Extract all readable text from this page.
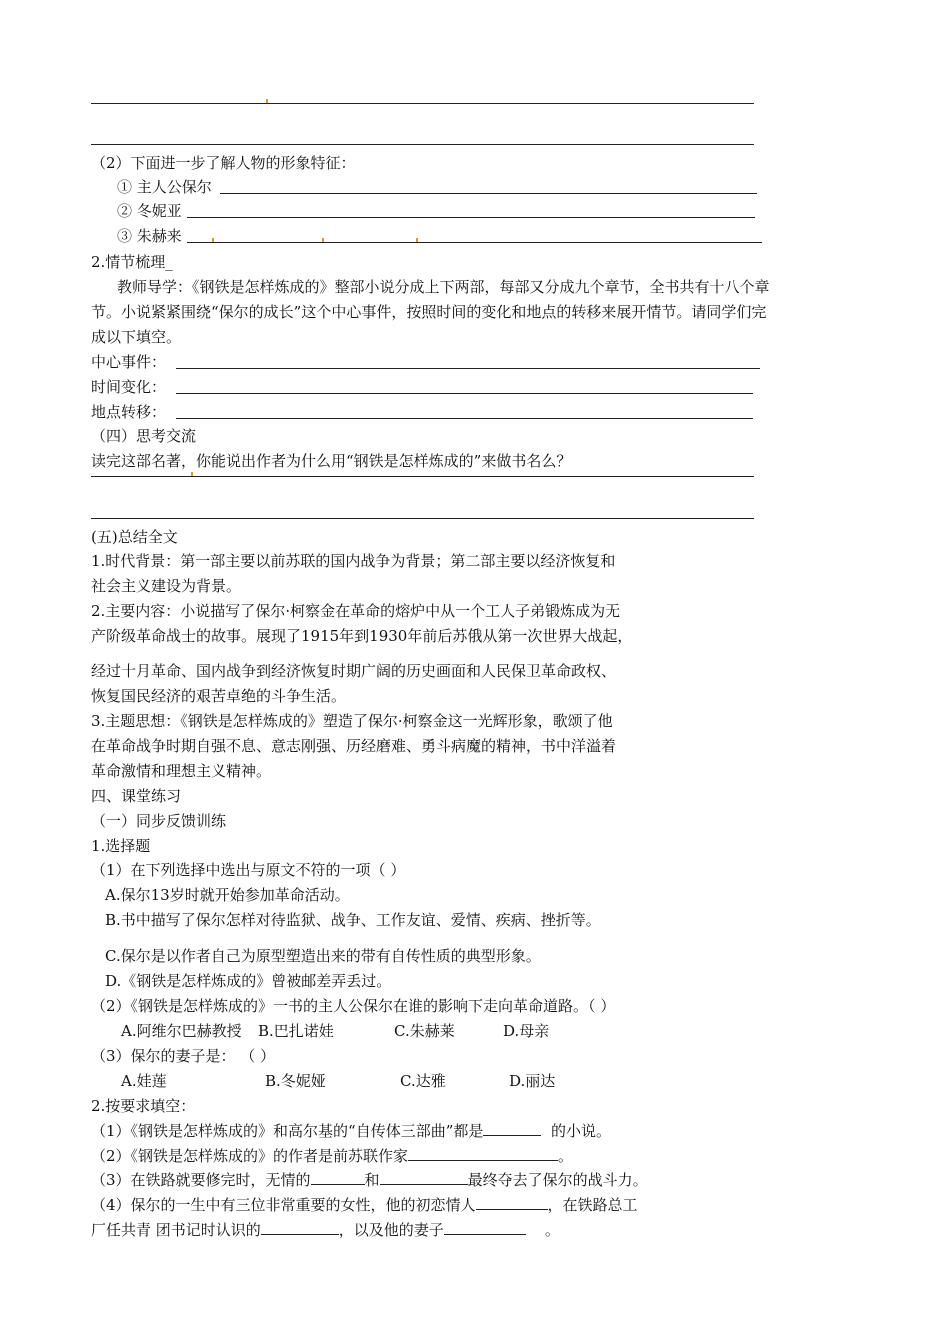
（2）下面进一步了解人物的形象特征：
① 主人公保尔
② 冬妮亚
③ 朱赫来
2.情节梳理_
教师导学：《钢铁是怎样炼成的》整部小说分成上下两部，每部又分成九个章节，全书共有十八个章
节。小说紧紧围绕“保尔的成长”这个中心事件，按照时间的变化和地点的转移来展开情节。请同学们完
成以下填空。
中心事件：
时间变化：
地点转移：
（四）思考交流
读完这部名著，你能说出作者为什么用“钢铁是怎样炼成的”来做书名么？
(五)总结全文
1.时代背景：第一部主要以前苏联的国内战争为背景；第二部主要以经济恢复和
社会主义建设为背景。
2.主要内容：小说描写了保尔·柯察金在革命的熔炉中从一个工人子弟锻炼成为无
产阶级革命战士的故事。展现了1915年到1930年前后苏俄从第一次世界大战起，
经过十月革命、国内战争到经济恢复时期广阔的历史画面和人民保卫革命政权、
恢复国民经济的艰苦卓绝的斗争生活。
3.主题思想：《钢铁是怎样炼成的》塑造了保尔·柯察金这一光辉形象，歌颂了他
在革命战争时期自强不息、意志刚强、历经磨难、勇斗病魔的精神，书中洋溢着
革命激情和理想主义精神。
四、课堂练习
（一）同步反馈训练
1.选择题
（1）在下列选择中选出与原文不符的一项（ ）
A.保尔13岁时就开始参加革命活动。
B.书中描写了保尔怎样对待监狱、战争、工作友谊、爱情、疾病、挫折等。
C.保尔是以作者自己为原型塑造出来的带有自传性质的典型形象。
D.《钢铁是怎样炼成的》曾被邮差弄丢过。
（2）《钢铁是怎样炼成的》一书的主人公保尔在谁的影响下走向革命道路。（ ）
A.阿维尔巴赫教授 B.巴扎诺娃	C.朱赫莱	D.母亲
（3）保尔的妻子是： （ ）
A.娃莲	B.冬妮娅	C.达雅	D.丽达
2.按要求填空：
（1）《钢铁是怎样炼成的》和高尔基的“自传体三部曲”都是	的小说。
（2）《钢铁是怎样炼成的》的作者是前苏联作家	。
（3）在铁路就要修完时，无情的	和	最终夺去了保尔的战斗力。
（4）保尔的一生中有三位非常重要的女性，他的初恋情人	，在铁路总工
厂任共青 团书记时认识的	，以及他的妻子	。
